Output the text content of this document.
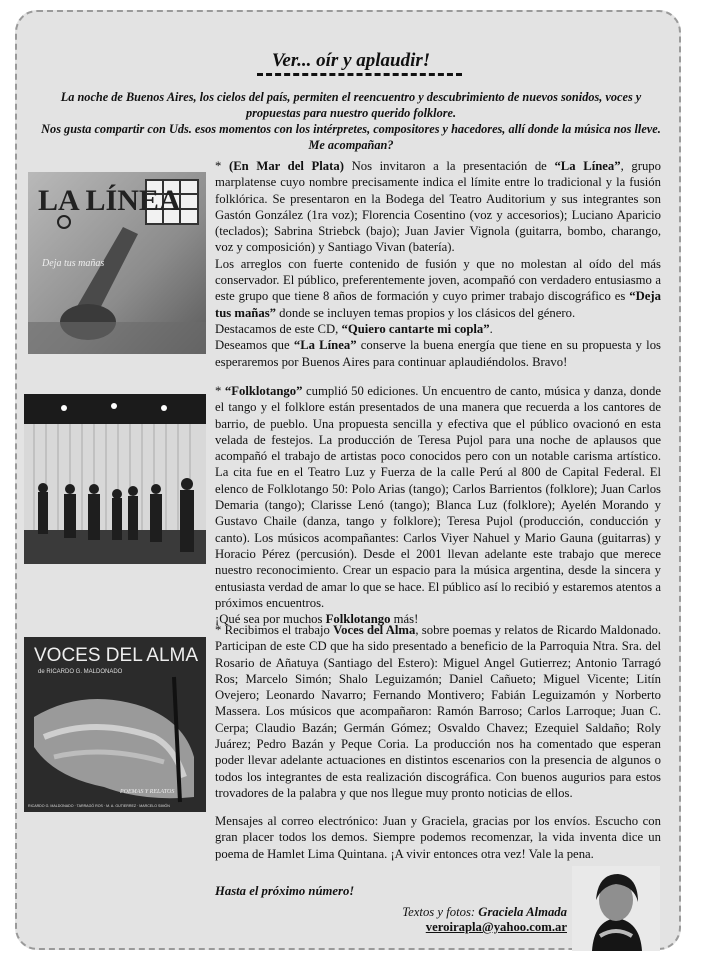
Ver... oír y aplaudir!

La noche de Buenos Aires, los cielos del país, permiten el reencuentro y descubrimiento de nuevos sonidos, voces y propuestas para nuestro querido folklore.

Nos gusta compartir con Uds. esos momentos con los intérpretes, compositores y hacedores, allí donde la música nos lleve. Me acompañan?

LA LÍNEA
Deja tus mañas

* (En Mar del Plata) Nos invitaron a la presentación de “La Línea”, grupo marplatense cuyo nombre precisamente indica el límite entre lo tradicional y la fusión folklórica. Se presentaron en la Bodega del Teatro Auditorium y sus integrantes son Gastón González (1ra voz); Florencia Cosentino (voz y accesorios); Luciano Aparicio (teclados); Sabrina Striebck (bajo); Juan Javier Vignola (guitarra, bombo, charango, voz y composición) y Santiago Vivan (batería).

Los arreglos con fuerte contenido de fusión y que no molestan al oído del más conservador. El público, preferentemente joven, acompañó con verdadero entusiasmo a este grupo que tiene 8 años de formación y cuyo primer trabajo discográfico es “Deja tus mañas” donde se incluyen temas propios y los clásicos del género.

Destacamos de este CD, “Quiero cantarte mi copla”.

Deseamos que “La Línea” conserve la buena energía que tiene en su propuesta y los esperaremos por Buenos Aires para continuar aplaudiéndolos. Bravo!

* “Folklotango” cumplió 50 ediciones. Un encuentro de canto, música y danza, donde el tango y el folklore están presentados de una manera que recuerda a los cantores de barrio, de pueblo. Una propuesta sencilla y efectiva que el público ovacionó en esta velada de festejos. La producción de Teresa Pujol para una noche de aplausos que acompañó el trabajo de artistas poco conocidos pero con un notable carisma artístico. La cita fue en el Teatro Luz y Fuerza de la calle Perú al 800 de Capital Federal. El elenco de Folklotango 50: Polo Arias (tango); Carlos Barrientos (folklore); Juan Carlos Demaria (tango); Clarisse Lenó (tango); Blanca Luz (folklore); Ayelén Morando y Gustavo Chaile (danza, tango y folklore); Teresa Pujol (producción, conducción y canto). Los músicos acompañantes: Carlos Viyer Nahuel y Mario Gauna (guitarras) y Horacio Pérez (percusión). Desde el 2001 llevan adelante este trabajo que merece nuestro reconocimiento. Crear un espacio para la música argentina, desde la sincera y entusiasta verdad de amar lo que se hace. El público así lo recibió y estaremos atentos a próximos encuentros.

¡Qué sea por muchos Folklotango más!

VOCES DEL ALMA
de RICARDO G. MALDONADO
POEMAS Y RELATOS
RICARDO G. MALDONADO · TARRAGÓ ROS · M. A. GUTIERREZ · MARCELO SIMÓN

* Recibimos el trabajo Voces del Alma, sobre poemas y relatos de Ricardo Maldonado. Participan de este CD que ha sido presentado a beneficio de la Parroquia Ntra. Sra. del Rosario de Añatuya (Santiago del Estero): Miguel Angel Gutierrez; Antonio Tarragó Ros; Marcelo Simón; Shalo Leguizamón; Daniel Cañueto; Miguel Vicente; Litín Ovejero; Leonardo Navarro; Fernando Montivero; Fabián Leguizamón y Norberto Massera. Los músicos que acompañaron: Ramón Barroso; Carlos Larroque; Juan C. Cerpa; Claudio Bazán; Germán Gómez; Osvaldo Chavez; Ezequiel Saldaño; Roly Juárez; Pedro Bazán y Peque Coria. La producción nos ha comentado que esperan poder llevar adelante actuaciones en distintos escenarios con la presencia de algunos o todos los integrantes de esta realización discográfica. Con buenos augurios para estos trovadores de la palabra y que nos llegue muy pronto noticias de ellos.

Mensajes al correo electrónico: Juan y Graciela, gracias por los envíos. Escucho con gran placer todos los demos. Siempre podemos recomenzar, la vida inventa dice un poema de Hamlet Lima Quintana. ¡A vivir entonces otra vez! Vale la pena.

Hasta el próximo número!
Textos y fotos: Graciela Almada
veroirapla@yahoo.com.ar
